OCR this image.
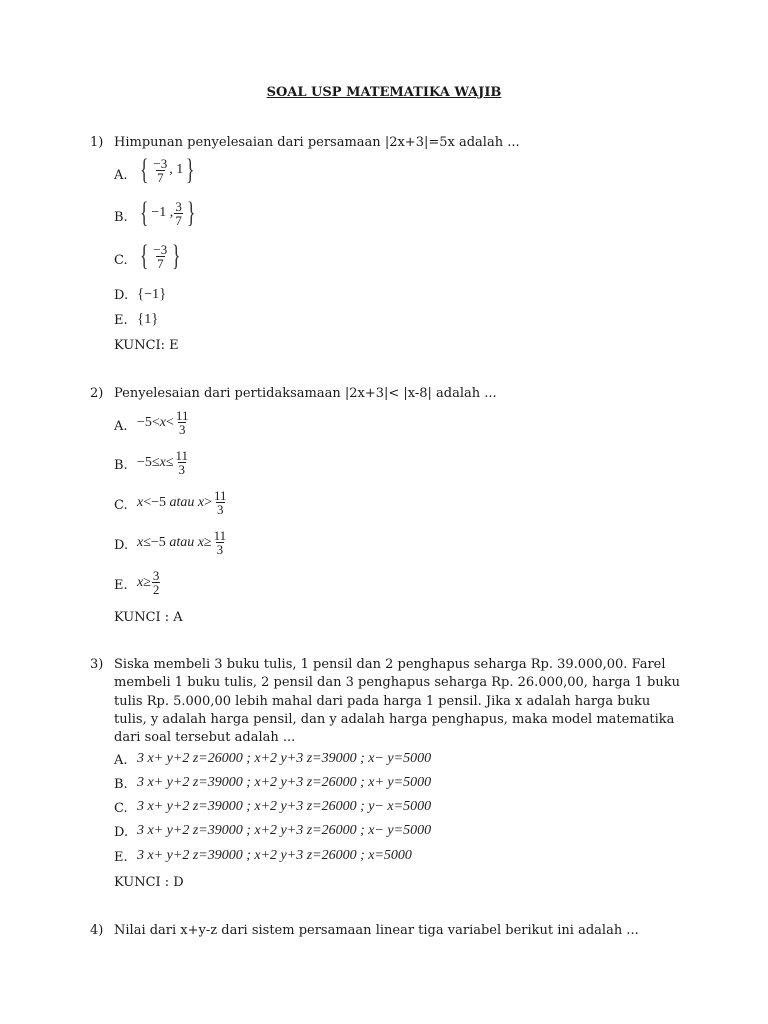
SOAL USP MATEMATIKA WAJIB
1) Himpunan penyelesaian dari persamaan |2x+3|=5x adalah ...
A. { $\frac{-3}{7}$ , 1 }
B. { −1 , $\frac{3}{7}$ }
C. { $\frac{-3}{7}$ }
D. { −1 }
E. { 1 }
KUNCI: E
2) Penyelesaian dari pertidaksamaan |2x+3|< |x-8| adalah ...
A. $-5< x < \frac{11}{3}$
B. $-5\le x \le \frac{11}{3}$
C. x <−5
atau
$x > \frac{11}{3}$
D. x ≤−5
atau
$x \ge \frac{11}{3}$
E. $x \ge \frac{3}{2}$
KUNCI : A
3) Siska membeli 3 buku tulis, 1 pensil dan 2 penghapus seharga Rp. 39.000,00. Farel membeli 1 buku tulis, 2 pensil dan 3 penghapus seharga Rp. 26.000,00, harga 1 buku tulis Rp. 5.000,00 lebih mahal dari pada harga 1 pensil. Jika x adalah harga buku tulis, y adalah harga pensil, dan y adalah harga penghapus, maka model matematika dari soal tersebut adalah ...
A. 3 x+ y+2 z=26000 ; x+2 y+3 z=39000 ; x− y=5000
B. 3 x+ y+2 z=39000 ; x+2 y+3 z=26000 ; x+ y=5000
C. 3 x+ y+2 z=39000 ; x+2 y+3 z=26000 ; y− x=5000
D. 3 x+ y+2 z=39000 ; x+2 y+3 z=26000 ; x− y=5000
E. 3 x+ y+2 z=39000 ; x+2 y+3 z=26000 ; x=5000
KUNCI : D
4) Nilai dari x+y-z dari sistem persamaan linear tiga variabel berikut ini adalah ...
